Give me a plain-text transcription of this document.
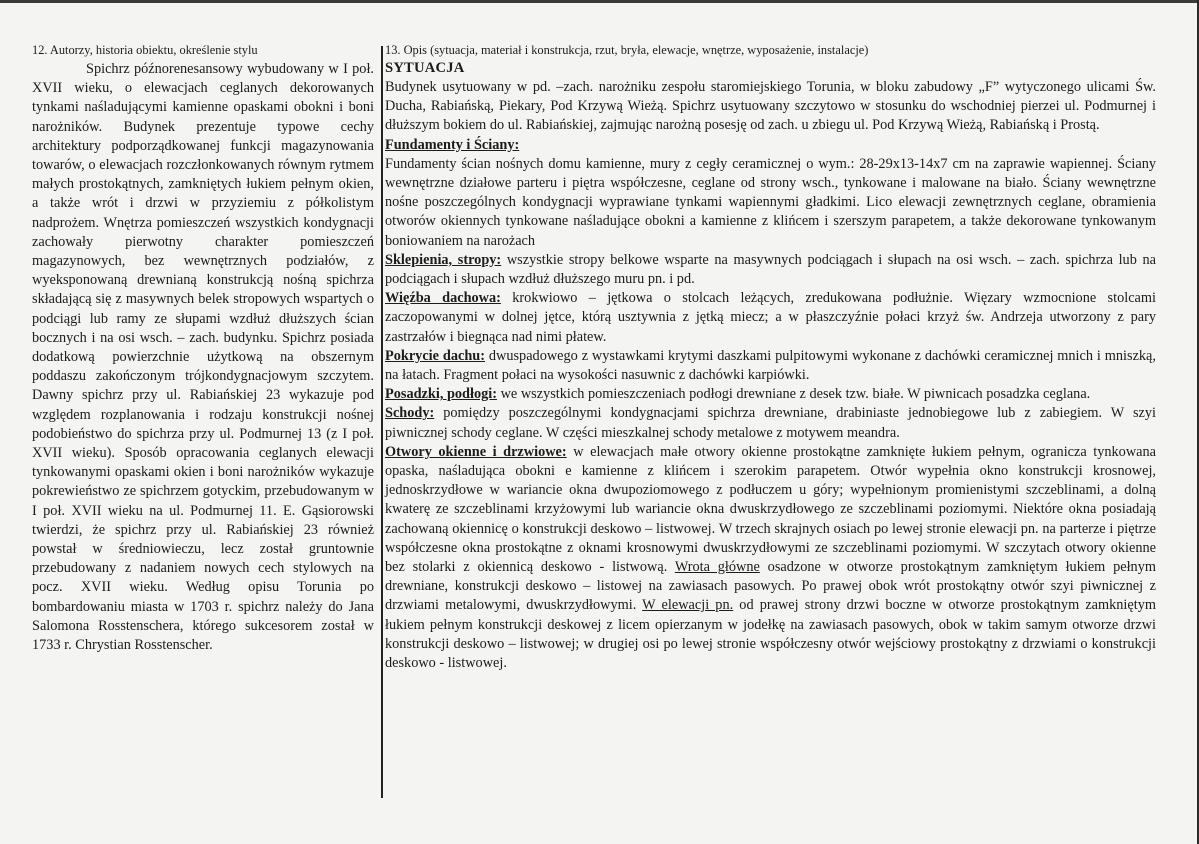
12. Autorzy, historia obiektu, określenie stylu

Spichrz późnorenesansowy wybudowany w I poł. XVII wieku, o elewacjach ceglanych dekorowanych tynkami naśladującymi kamienne opaskami obokni i boni narożników. Budynek prezentuje typowe cechy architektury podporządkowanej funkcji magazynowania towarów, o elewacjach rozczłonkowanych równym rytmem małych prostokątnych, zamkniętych łukiem pełnym okien, a także wrót i drzwi w przyziemiu z półkolistym nadprożem. Wnętrza pomieszczeń wszystkich kondygnacji zachowały pierwotny charakter pomieszczeń magazynowych, bez wewnętrznych podziałów, z wyeksponowaną drewnianą konstrukcją nośną spichrza składającą się z masywnych belek stropowych wspartych o podciągi lub ramy ze słupami wzdłuż dłuższych ścian bocznych i na osi wsch. – zach. budynku. Spichrz posiada dodatkową powierzchnie użytkową na obszernym poddaszu zakończonym trójkondygnacjowym szczytem. Dawny spichrz przy ul. Rabiańskiej 23 wykazuje pod względem rozplanowania i rodzaju konstrukcji nośnej podobieństwo do spichrza przy ul. Podmurnej 13 (z I poł. XVII wieku). Sposób opracowania ceglanych elewacji tynkowanymi opaskami okien i boni narożników wykazuje pokrewieństwo ze spichrzem gotyckim, przebudowanym w I poł. XVII wieku na ul. Podmurnej 11. E. Gąsiorowski twierdzi, że spichrz przy ul. Rabiańskiej 23 również powstał w średniowieczu, lecz został gruntownie przebudowany z nadaniem nowych cech stylowych na pocz. XVII wieku. Według opisu Torunia po bombardowaniu miasta w 1703 r. spichrz należy do Jana Salomona Rosstenschera, którego sukcesorem został w 1733 r. Chrystian Rosstenscher.

13. Opis (sytuacja, materiał i konstrukcja, rzut, bryła, elewacje, wnętrze, wyposażenie, instalacje)
SYTUACJA

Budynek usytuowany w pd. –zach. narożniku zespołu staromiejskiego Torunia, w bloku zabudowy „F” wytyczonego ulicami Św. Ducha, Rabiańską, Piekary, Pod Krzywą Wieżą. Spichrz usytuowany szczytowo w stosunku do wschodniej pierzei ul. Podmurnej i dłuższym bokiem do ul. Rabiańskiej, zajmując narożną posesję od zach. u zbiegu ul. Pod Krzywą Wieżą, Rabiańską i Prostą.

Fundamenty i Ściany:
Fundamenty ścian nośnych domu kamienne, mury z cegły ceramicznej o wym.: 28-29x13-14x7 cm na zaprawie wapiennej. Ściany wewnętrzne działowe parteru i piętra współczesne, ceglane od strony wsch., tynkowane i malowane na biało. Ściany wewnętrzne nośne poszczególnych kondygnacji wyprawiane tynkami wapiennymi gładkimi. Lico elewacji zewnętrznych ceglane, obramienia otworów okiennych tynkowane naśladujące obokni a kamienne z klińcem i szerszym parapetem, a także dekorowane tynkowanym boniowaniem na narożach

Sklepienia, stropy: wszystkie stropy belkowe wsparte na masywnych podciągach i słupach na osi wsch. – zach. spichrza lub na podciągach i słupach wzdłuż dłuższego muru pn. i pd.

Więźba dachowa: krokwiowo – jętkowa o stolcach leżących, zredukowana podłużnie. Więzary wzmocnione stolcami zaczopowanymi w dolnej jętce, którą usztywnia z jętką miecz; a w płaszczyźnie połaci krzyż św. Andrzeja utworzony z pary zastrzałów i biegnąca nad nimi płatew.

Pokrycie dachu: dwuspadowego z wystawkami krytymi daszkami pulpitowymi wykonane z dachówki ceramicznej mnich i mniszką, na łatach. Fragment połaci na wysokości nasuwnic z dachówki karpiówki.

Posadzki, podłogi: we wszystkich pomieszczeniach podłogi drewniane z desek tzw. białe. W piwnicach posadzka ceglana.

Schody: pomiędzy poszczególnymi kondygnacjami spichrza drewniane, drabiniaste jednobiegowe lub z zabiegiem. W szyi piwnicznej schody ceglane. W części mieszkalnej schody metalowe z motywem meandra.

Otwory okienne i drzwiowe: w elewacjach małe otwory okienne prostokątne zamknięte łukiem pełnym, ogranicza tynkowana opaska, naśladująca obokni e kamienne z klińcem i szerokim parapetem. Otwór wypełnia okno konstrukcji krosnowej, jednoskrzydłowe w wariancie okna dwupoziomowego z podłuczem u góry; wypełnionym promienistymi szczeblinami, a dolną kwaterę ze szczeblinami krzyżowymi lub wariancie okna dwuskrzydłowego ze szczeblinami poziomymi. Niektóre okna posiadają zachowaną okiennicę o konstrukcji deskowo – listwowej. W trzech skrajnych osiach po lewej stronie elewacji pn. na parterze i piętrze współczesne okna prostokątne z oknami krosnowymi dwuskrzydłowymi ze szczeblinami poziomymi. W szczytach otwory okienne bez stolarki z okiennicą deskowo - listwową. Wrota główne osadzone w otworze prostokątnym zamkniętym łukiem pełnym drewniane, konstrukcji deskowo – listowej na zawiasach pasowych. Po prawej obok wrót prostokątny otwór szyi piwnicznej z drzwiami metalowymi, dwuskrzydłowymi. W elewacji pn. od prawej strony drzwi boczne w otworze prostokątnym zamkniętym łukiem pełnym konstrukcji deskowej z licem opierzanym w jodełkę na zawiasach pasowych, obok w takim samym otworze drzwi konstrukcji deskowo – listwowej; w drugiej osi po lewej stronie współczesny otwór wejściowy prostokątny z drzwiami o konstrukcji deskowo - listwowej.
